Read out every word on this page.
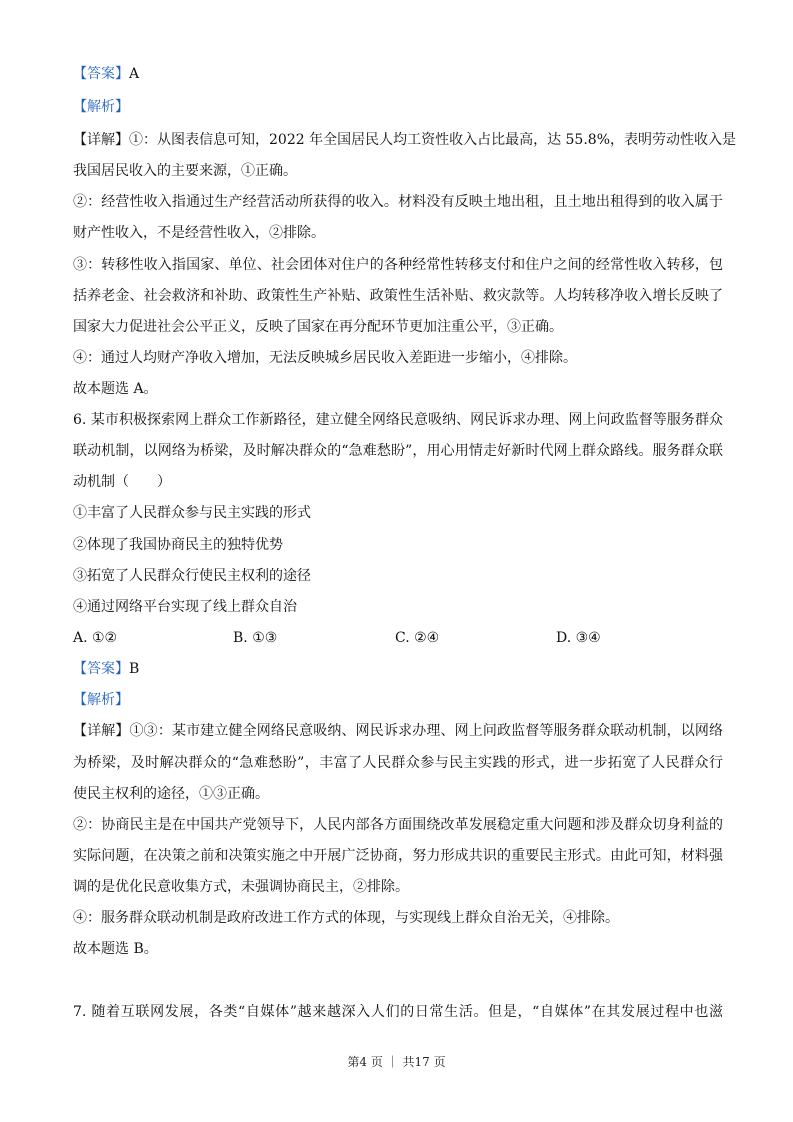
【答案】A
【解析】
【详解】①：从图表信息可知，2022 年全国居民人均工资性收入占比最高，达 55.8%，表明劳动性收入是
我国居民收入的主要来源，①正确。
②：经营性收入指通过生产经营活动所获得的收入。材料没有反映土地出租，且土地出租得到的收入属于
财产性收入，不是经营性收入，②排除。
③：转移性收入指国家、单位、社会团体对住户的各种经常性转移支付和住户之间的经常性收入转移，包
括养老金、社会救济和补助、政策性生产补贴、政策性生活补贴、救灾款等。人均转移净收入增长反映了
国家大力促进社会公平正义，反映了国家在再分配环节更加注重公平，③正确。
④：通过人均财产净收入增加，无法反映城乡居民收入差距进一步缩小，④排除。
故本题选 A。
6. 某市积极探索网上群众工作新路径，建立健全网络民意吸纳、网民诉求办理、网上问政监督等服务群众
联动机制，以网络为桥梁，及时解决群众的“急难愁盼”，用心用情走好新时代网上群众路线。服务群众联
动机制（　　）
①丰富了人民群众参与民主实践的形式
②体现了我国协商民主的独特优势
③拓宽了人民群众行使民主权利的途径
④通过网络平台实现了线上群众自治
A. ①②	B. ①③	C. ②④	D. ③④
【答案】B
【解析】
【详解】①③：某市建立健全网络民意吸纳、网民诉求办理、网上问政监督等服务群众联动机制，以网络
为桥梁，及时解决群众的“急难愁盼”，丰富了人民群众参与民主实践的形式，进一步拓宽了人民群众行
使民主权利的途径，①③正确。
②：协商民主是在中国共产党领导下，人民内部各方面围绕改革发展稳定重大问题和涉及群众切身利益的
实际问题，在决策之前和决策实施之中开展广泛协商，努力形成共识的重要民主形式。由此可知，材料强
调的是优化民意收集方式，未强调协商民主，②排除。
④：服务群众联动机制是政府改进工作方式的体现，与实现线上群众自治无关，④排除。
故本题选 B。
7. 随着互联网发展，各类“自媒体”越来越深入人们的日常生活。但是，“自媒体”在其发展过程中也滋
第4 页 ｜ 共17 页
